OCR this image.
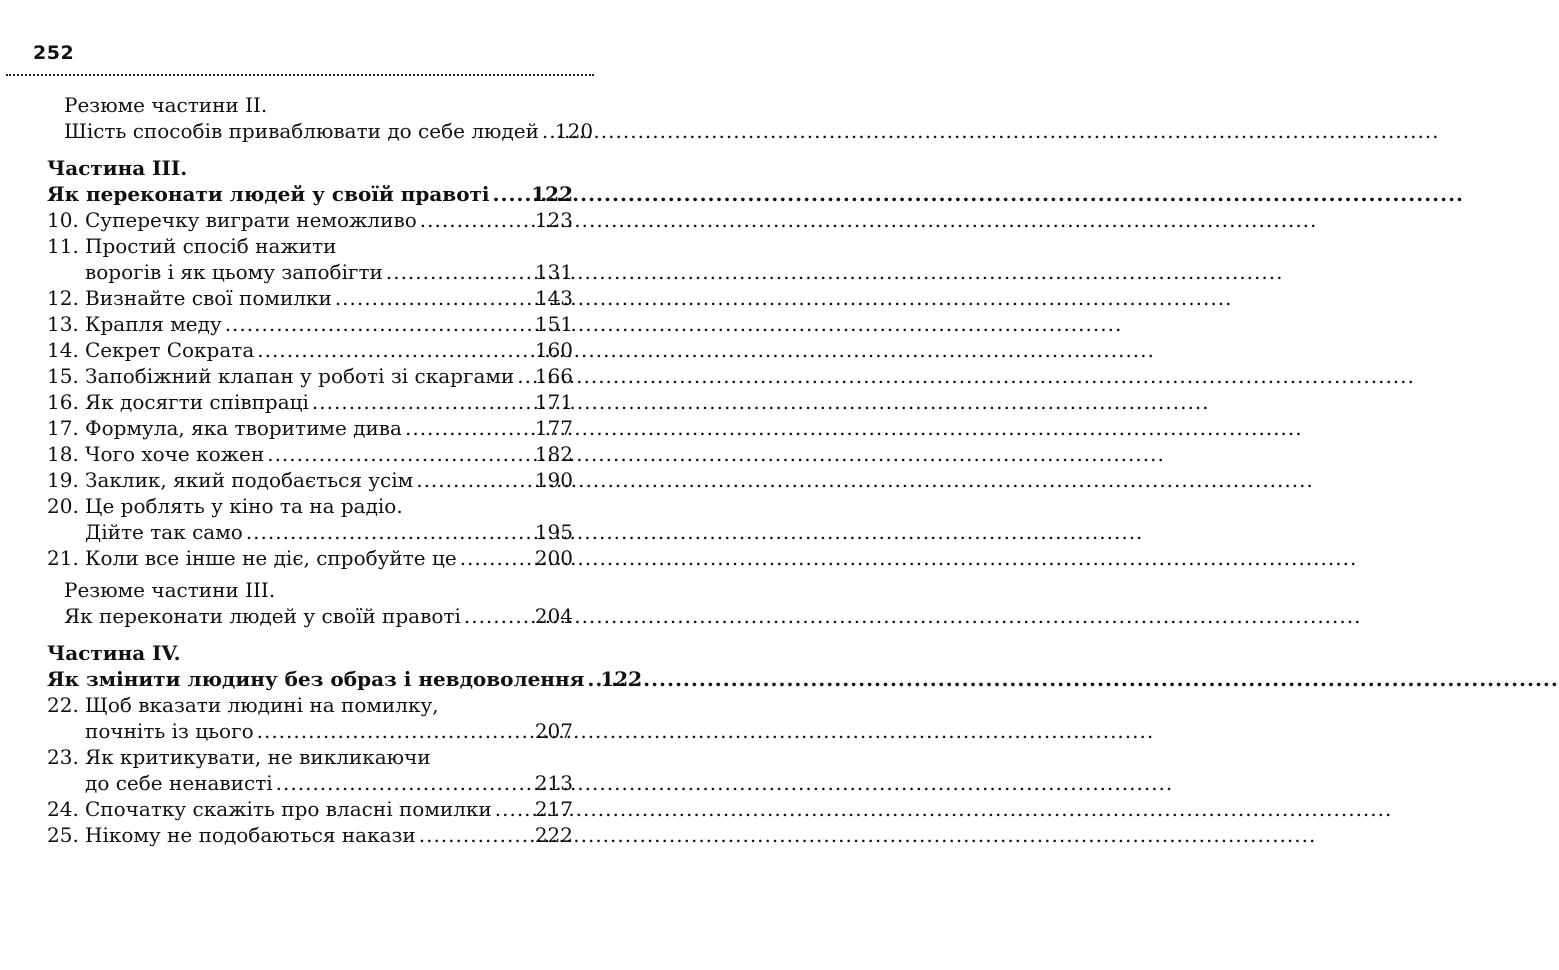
252
Резюме частини II.
Шість способів приваблювати до себе людей ..... 120
Частина III.
Як переконати людей у своїй правоті ..... 122
10. Суперечку виграти неможливо .....	123
11. Простий спосіб нажити
ворогів і як цьому запобігти .....	131
12. Визнайте свої помилки .....	143
13. Крапля меду .....	151
14. Секрет Сократа .....	160
15. Запобіжний клапан у роботі зі скаргами ..... 166
16. Як досягти співпраці .....	171
17. Формула, яка творитиме дива .....	177
18. Чого хоче кожен .....	182
19. Заклик, який подобається усім .....	190
20. Це роблять у кіно та на радіо.
Дійте так само .....	195
21. Коли все інше не діє, спробуйте це .....	200
Резюме частини III.
Як переконати людей у своїй правоті .....	204
Частина IV.
Як змінити людину без образ і невдоволення ..... 122
22. Щоб вказати людині на помилку,
почніть із цього .....	207
23. Як критикувати, не викликаючи
до себе ненависті .....	213
24. Спочатку скажіть про власні помилки ..... 217
25. Нікому не подобаються накази .....	222
